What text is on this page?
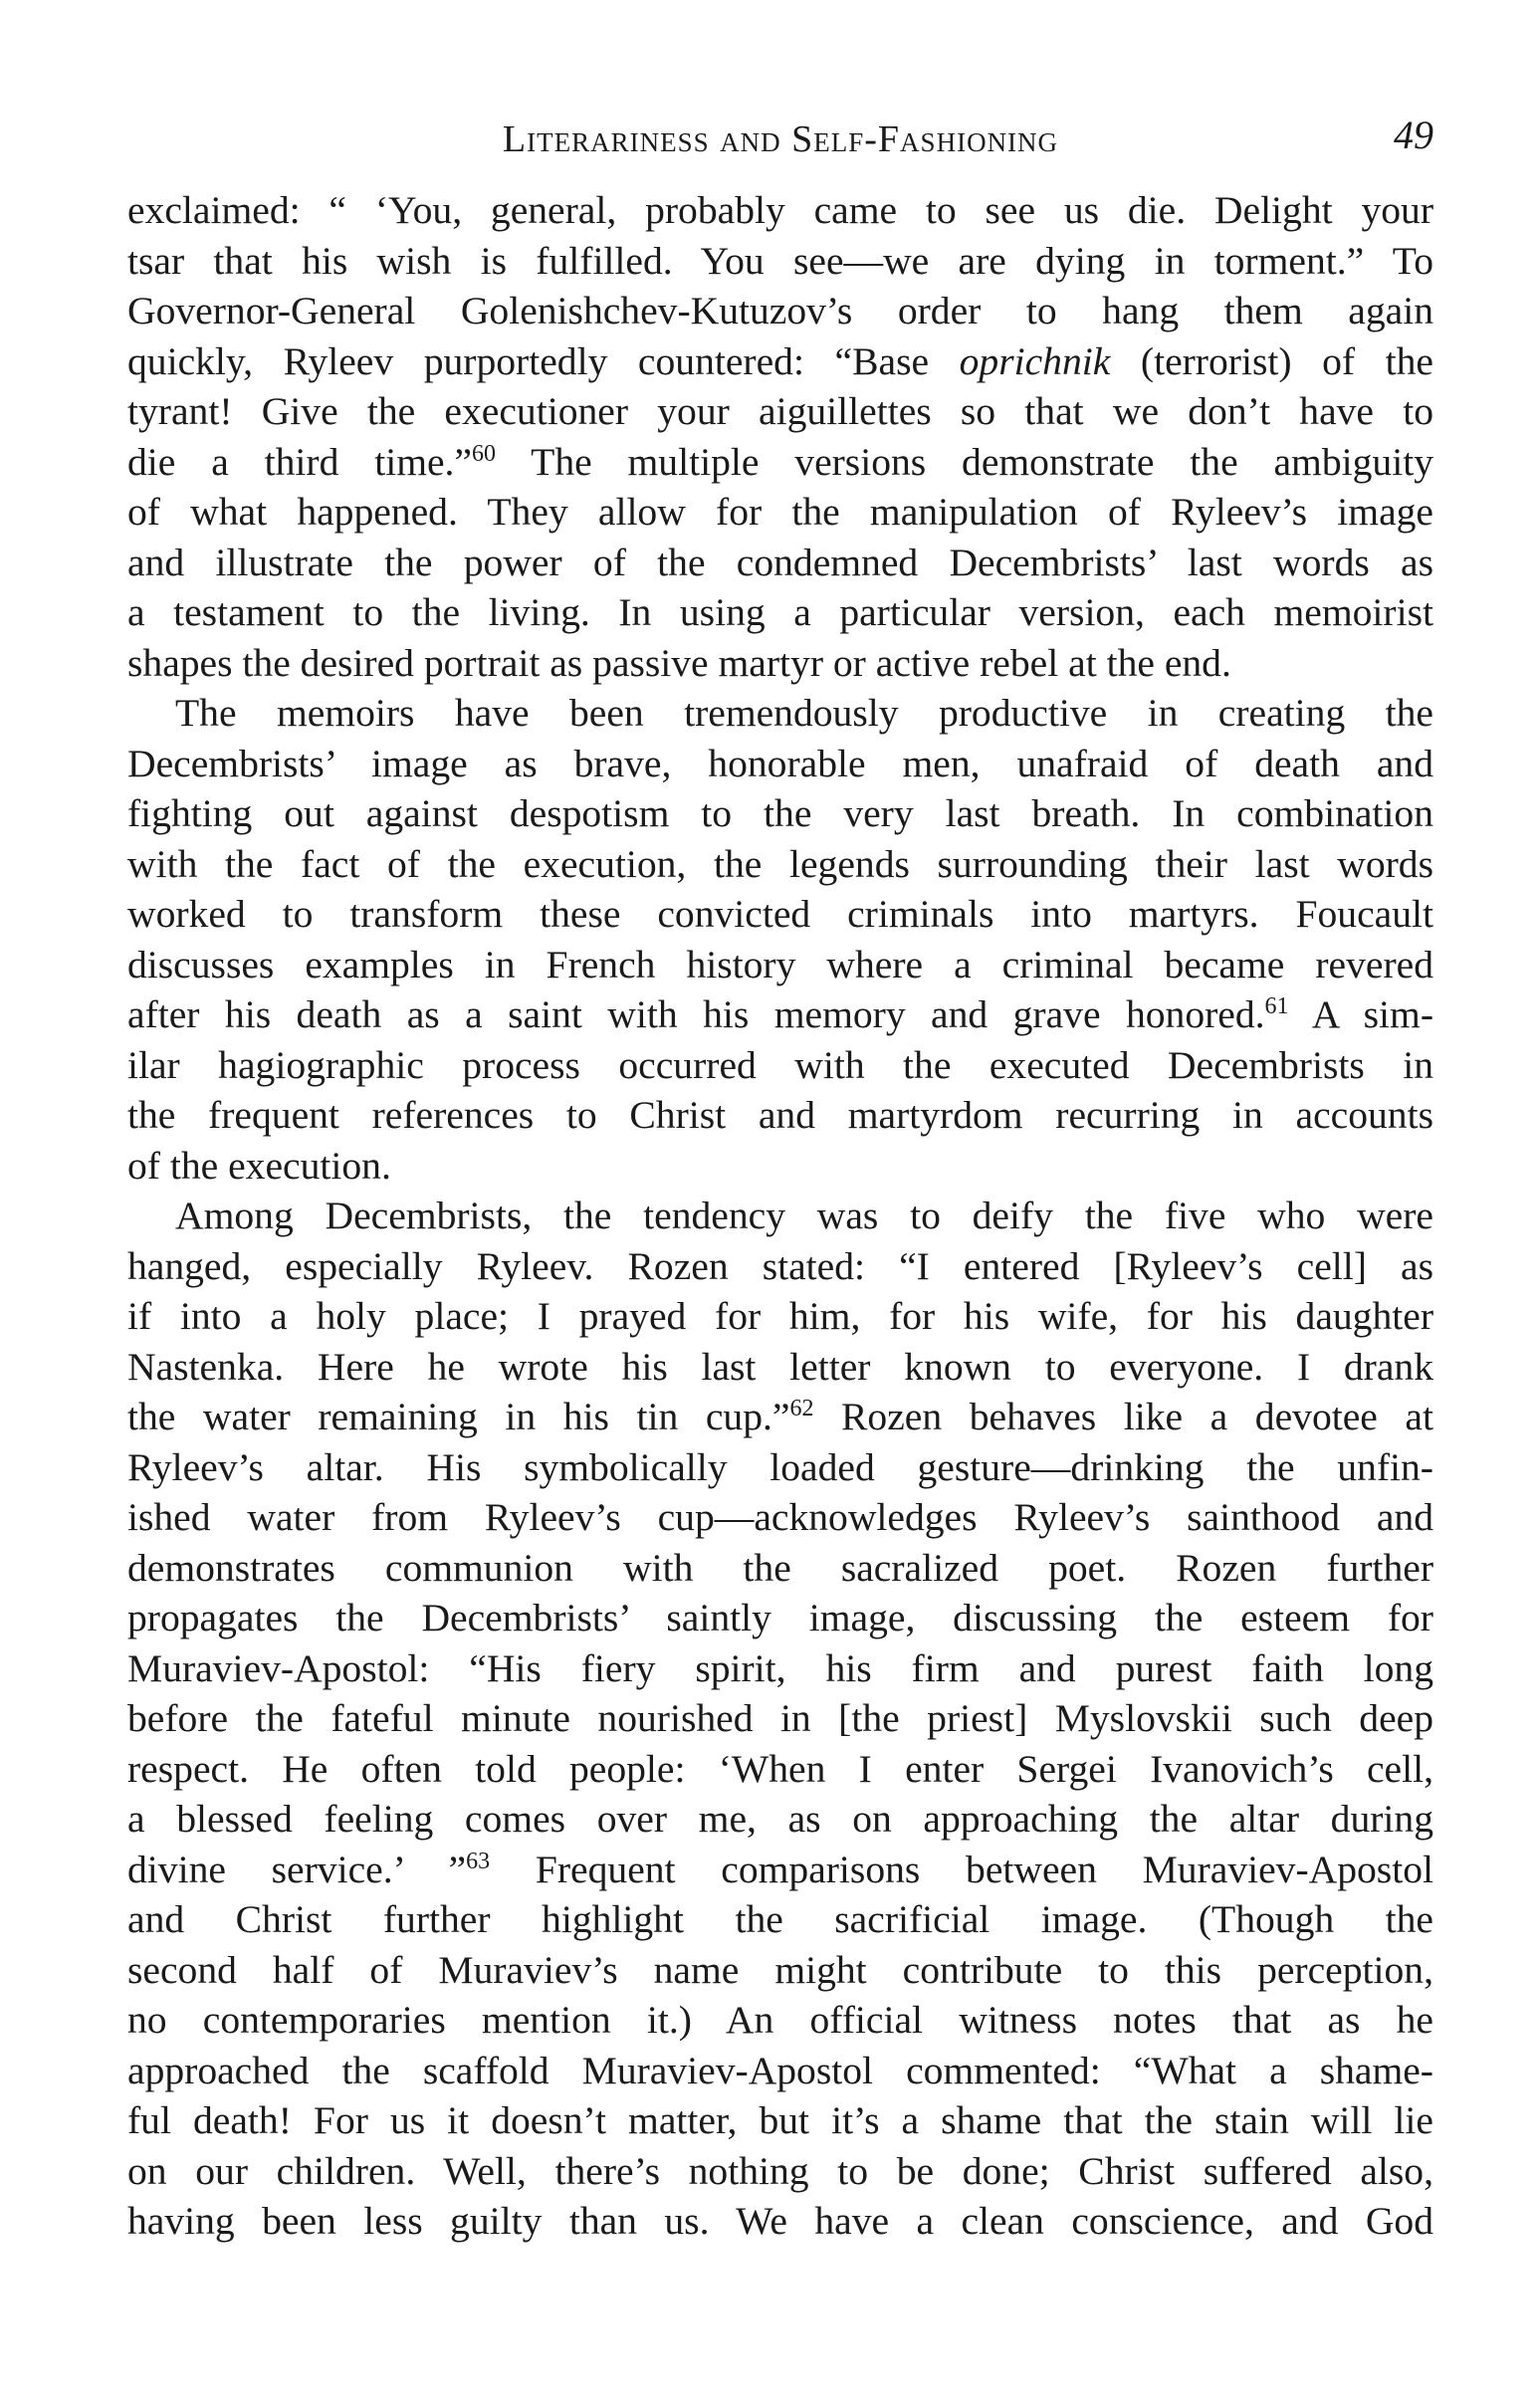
Literariness and Self-Fashioning	49
exclaimed: “ ‘You, general, probably came to see us die. Delight your
tsar that his wish is fulfilled. You see—we are dying in torment.” To
Governor-General Golenishchev-Kutuzov’s order to hang them again
quickly, Ryleev purportedly countered: “Base oprichnik (terrorist) of the
tyrant! Give the executioner your aiguillettes so that we don’t have to
die a third time.”$^{60}$ The multiple versions demonstrate the ambiguity
of what happened. They allow for the manipulation of Ryleev’s image
and illustrate the power of the condemned Decembrists’ last words as
a testament to the living. In using a particular version, each memoirist
shapes the desired portrait as passive martyr or active rebel at the end.
The memoirs have been tremendously productive in creating the
Decembrists’ image as brave, honorable men, unafraid of death and
fighting out against despotism to the very last breath. In combination
with the fact of the execution, the legends surrounding their last words
worked to transform these convicted criminals into martyrs. Foucault
discusses examples in French history where a criminal became revered
after his death as a saint with his memory and grave honored.$^{61}$ A sim-
ilar hagiographic process occurred with the executed Decembrists in
the frequent references to Christ and martyrdom recurring in accounts
of the execution.
Among Decembrists, the tendency was to deify the five who were
hanged, especially Ryleev. Rozen stated: “I entered [Ryleev’s cell] as
if into a holy place; I prayed for him, for his wife, for his daughter
Nastenka. Here he wrote his last letter known to everyone. I drank
the water remaining in his tin cup.”$^{62}$ Rozen behaves like a devotee at
Ryleev’s altar. His symbolically loaded gesture—drinking the unfin-
ished water from Ryleev’s cup—acknowledges Ryleev’s sainthood and
demonstrates communion with the sacralized poet. Rozen further
propagates the Decembrists’ saintly image, discussing the esteem for
Muraviev-Apostol: “His fiery spirit, his firm and purest faith long
before the fateful minute nourished in [the priest] Myslovskii such deep
respect. He often told people: ‘When I enter Sergei Ivanovich’s cell,
a blessed feeling comes over me, as on approaching the altar during
divine service.’ ”$^{63}$ Frequent comparisons between Muraviev-Apostol
and Christ further highlight the sacrificial image. (Though the
second half of Muraviev’s name might contribute to this perception,
no contemporaries mention it.) An official witness notes that as he
approached the scaffold Muraviev-Apostol commented: “What a shame-
ful death! For us it doesn’t matter, but it’s a shame that the stain will lie
on our children. Well, there’s nothing to be done; Christ suffered also,
having been less guilty than us. We have a clean conscience, and God
